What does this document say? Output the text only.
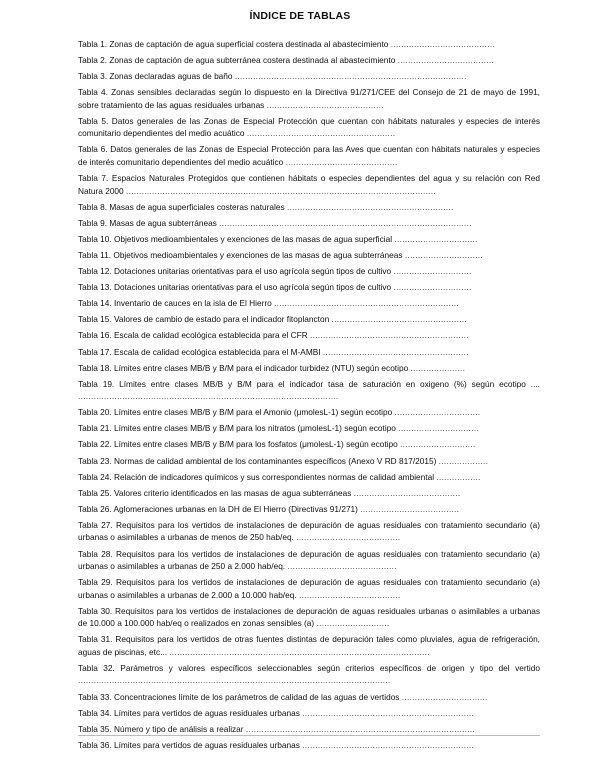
ÍNDICE DE TABLAS
Tabla 1. Zonas de captación de agua superficial costera destinada al abastecimiento ........................................
Tabla 2. Zonas de captación de agua subterránea costera destinada al abastecimiento .....................................
Tabla 3. Zonas declaradas aguas de baño .........................................................................................
Tabla 4. Zonas sensibles declaradas según lo dispuesto en la Directiva 91/271/CEE del Consejo de 21 de mayo de 1991, sobre tratamiento de las aguas residuales urbanas .............................................
Tabla 5. Datos generales de las Zonas de Especial Protección que cuentan con hábitats naturales y especies de interés comunitario dependientes del medio acuático .........................................................
Tabla 6. Datos generales de las Zonas de Especial Protección para las Aves que cuentan con hábitats naturales y especies de interés comunitario dependientes del medio acuático ...........................................
Tabla 7. Espacios Naturales Protegidos que contienen hábitats o especies dependientes del agua y su relación con Red Natura 2000 .......................................................................................................................
Tabla 8. Masas de agua superficiales costeras naturales ................................................................
Tabla 9. Masas de agua subterráneas .................................................................................................
Tabla 10. Objetivos medioambientales y exenciones de las masas de agua superficial ................................
Tabla 11. Objetivos medioambientales y exenciones de las masas de agua subterráneas ..............................
Tabla 12. Dotaciones unitarias orientativas para el uso agrícola según tipos de cultivo ..............................
Tabla 13. Dotaciones unitarias orientativas para el uso agrícola según tipos de cultivo ..............................
Tabla 14. Inventario de cauces en la isla de El Hierro .......................................................................
Tabla 15. Valores de cambio de estado para el indicador fitoplancton ....................................................
Tabla 16. Escala de calidad ecológica establecida para el CFR .............................................................
Tabla 17. Escala de calidad ecológica establecida para el M-AMBI ........................................................
Tabla 18. Límites entre clases MB/B y B/M para el indicador turbidez (NTU) según ecotipo .....................
Tabla 19. Límites entre clases MB/B y B/M para el indicador tasa de saturación en oxigeno (%) según ecotipo .... ....................................................................................................
Tabla 20. Límites entre clases MB/B y B/M para el Amonio (μmolesL-1) según ecotipo .................................
Tabla 21. Límites entre clases MB/B y B/M para los nitratos (μmolesL-1) según ecotipo ...............................
Tabla 22. Límites entre clases MB/B y B/M para los fosfatos (μmolesL-1) según ecotipo .............................
Tabla 23. Normas de calidad ambiental de los contaminantes específicos (Anexo V RD 817/2015) ...................
Tabla 24. Relación de indicadores químicos y sus correspondientes normas de calidad ambiental .................
Tabla 25. Valores criterio identificados en las masas de agua subterráneas .........................................
Tabla 26. Aglomeraciones urbanas en la DH de El Hierro (Directivas 91/271) ......................................
Tabla 27. Requisitos para los vertidos de instalaciones de depuración de aguas residuales con tratamiento secundario (a) urbanas o asimilables a urbanas de menos de 250 hab/eq. ........................................
Tabla 28. Requisitos para los vertidos de instalaciones de depuración de aguas residuales con tratamiento secundario (a) urbanas o asimilables a urbanas de 250 a 2.000 hab/eq. ..........................................
Tabla 29. Requisitos para los vertidos de instalaciones de depuración de aguas residuales con tratamiento secundario (a) urbanas o asimilables a urbanas de 2.000 a 10.000 hab/eq. .......................................
Tabla 30. Requisitos para los vertidos de instalaciones de depuración de aguas residuales urbanas o asimilables a urbanas de 10.000 a 100.000 hab/eq o realizados en zonas sensibles (a) ............................
Tabla 31. Requisitos para los vertidos de otras fuentes distintas de depuración tales como pluviales, agua de refrigeración, aguas de piscinas, etc... ....................................................................................................
Tabla 32. Parámetros y valores específicos seleccionables según criterios específicos de origen y tipo del vertido ........................................................................................................................
Tabla 33. Concentraciones límite de los parámetros de calidad de las aguas de vertidos .................................
Tabla 34. Límites para vertidos de aguas residuales urbanas ..................................................................
Tabla 35. Número y tipo de análisis a realizar ........................................................................................
Tabla 36. Límites para vertidos de aguas residuales urbanas ..................................................................
